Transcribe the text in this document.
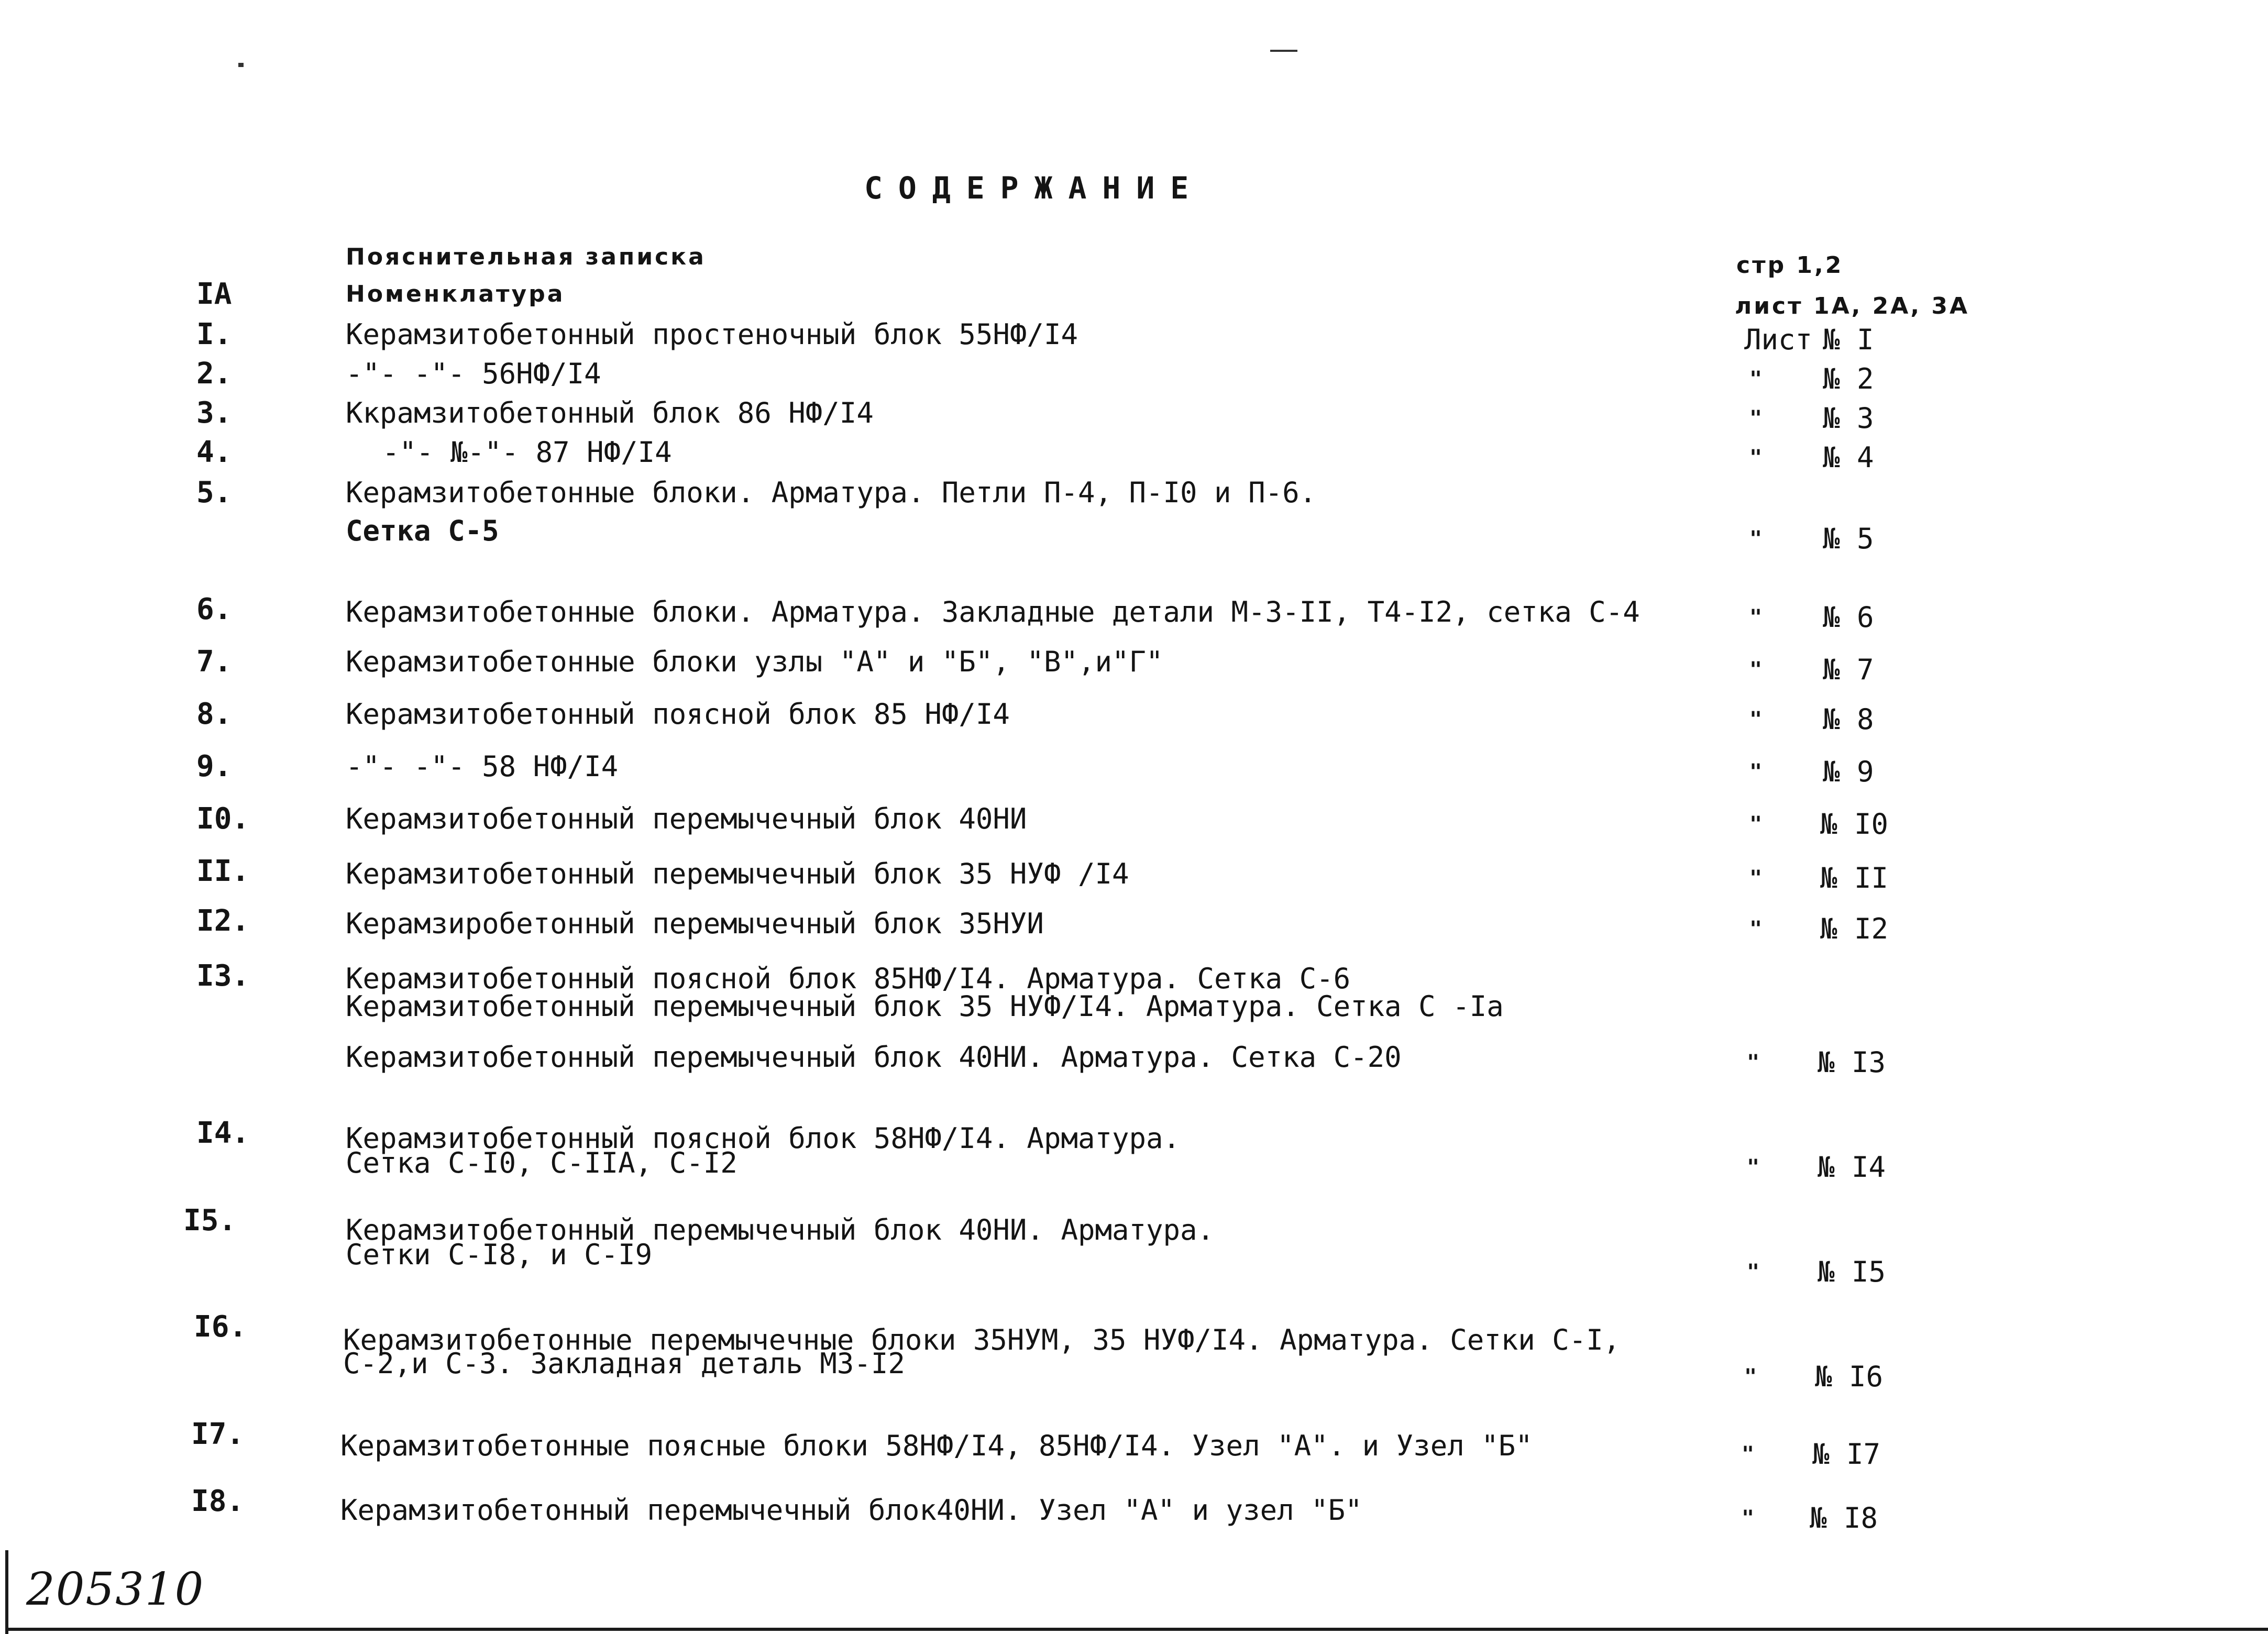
СОДЕРЖАНИЕ
Пояснительная записка	стр 1,2
IA	Номенклатура	лист 1А, 2А, 3А
I.	Керамзитобетонный простеночный блок 55НФ/I4	Лист № I
2.	-"- -"- 56НФ/I4	" № 2
3.	Ккрамзитобетонный блок 86 НФ/I4	" № 3
4.	-"- №-"- 87 НФ/I4	" № 4
5.	Керамзитобетонные блоки. Арматура. Петли П-4, П-I0 и П-6.
Сетка С-5	" № 5
6.	Керамзитобетонные блоки. Арматура. Закладные детали М-3-II, Т4-I2, сетка С-4	" № 6
7.	Керамзитобетонные блоки узлы "А" и "Б", "В",и"Г"	" № 7
8.	Керамзитобетонный поясной блок 85 НФ/I4	" № 8
9.	-"- -"- 58 НФ/I4	" № 9
I0.	Керамзитобетонный перемычечный блок 40НИ	" № I0
II.	Керамзитобетонный перемычечный блок 35 НУФ /I4	" № II
I2.	Керамзиробетонный перемычечный блок 35НУИ	" № I2
I3.	Керамзитобетонный поясной блок 85НФ/I4. Арматура. Сетка С-6
Керамзитобетонный перемычечный блок 35 НУФ/I4. Арматура. Сетка С -Iа
Керамзитобетонный перемычечный блок 40НИ. Арматура. Сетка С-20	" № I3
I4.	Керамзитобетонный поясной блок 58НФ/I4. Арматура.
Сетка С-I0, С-IIА, С-I2	" № I4
I5.	Керамзитобетонный перемычечный блок 40НИ. Арматура.
Сетки С-I8, и С-I9
" № I5
I6.	Керамзитобетонные перемычечные блоки 35НУМ, 35 НУФ/I4. Арматура. Сетки С-I,
С-2,и С-3. Закладная деталь МЗ-I2	" № I6
I7.	Керамзитобетонные поясные блоки 58НФ/I4, 85НФ/I4. Узел "А". и Узел "Б"	" № I7
I8.	Керамзитобетонный перемычечный блок40НИ. Узел "А" и узел "Б"	" № I8
205310
